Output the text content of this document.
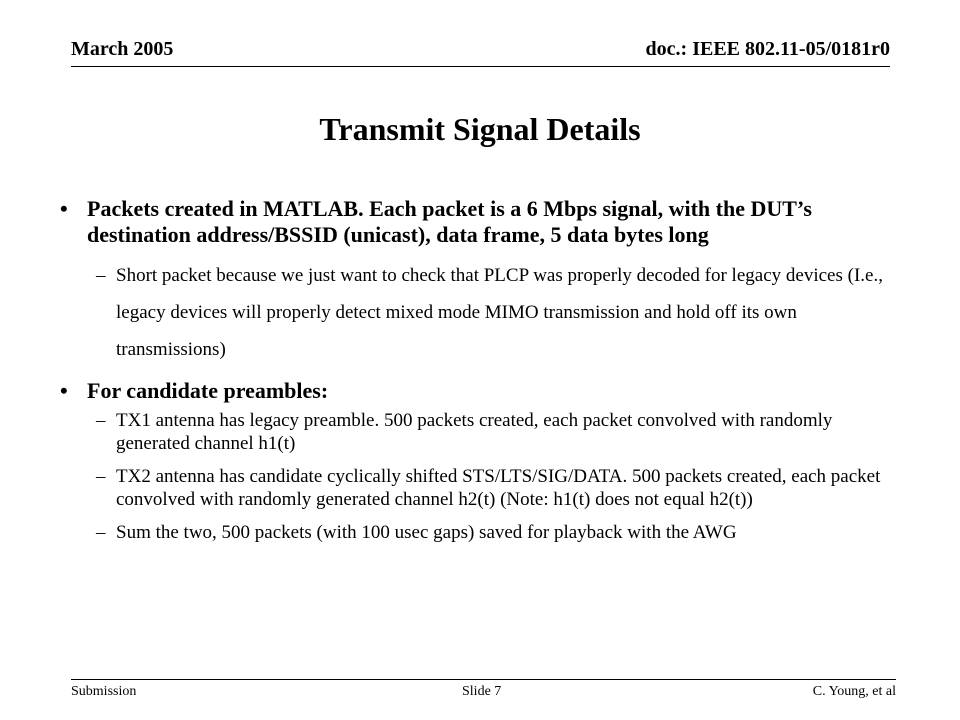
March 2005	doc.: IEEE 802.11-05/0181r0
Transmit Signal Details
• Packets created in MATLAB. Each packet is a 6 Mbps signal, with the DUT’s destination address/BSSID (unicast), data frame, 5 data bytes long
– Short packet because we just want to check that PLCP was properly decoded for legacy devices (I.e., legacy devices will properly detect mixed mode MIMO transmission and hold off its own transmissions)
• For candidate preambles:
– TX1 antenna has legacy preamble. 500 packets created, each packet convolved with randomly generated channel h1(t)
– TX2 antenna has candidate cyclically shifted STS/LTS/SIG/DATA. 500 packets created, each packet convolved with randomly generated channel h2(t) (Note: h1(t) does not equal h2(t))
– Sum the two, 500 packets (with 100 usec gaps) saved for playback with the AWG
Submission	Slide 7	C. Young, et al
